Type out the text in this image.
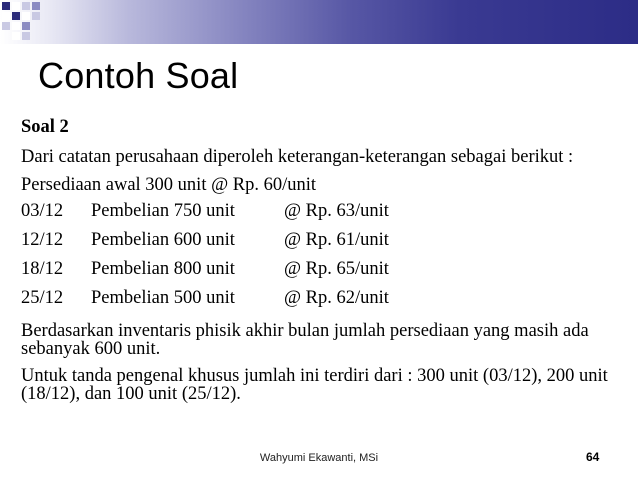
Contoh Soal
Soal 2
Dari catatan perusahaan diperoleh keterangan-keterangan sebagai berikut :
Persediaan awal 300 unit @ Rp. 60/unit
03/12	Pembelian 750 unit	@ Rp. 63/unit
12/12	Pembelian 600 unit	@ Rp. 61/unit
18/12	Pembelian 800 unit	@ Rp. 65/unit
25/12	Pembelian 500 unit	@ Rp. 62/unit
Berdasarkan inventaris phisik akhir bulan jumlah persediaan yang masih ada sebanyak 600 unit.
Untuk tanda pengenal khusus jumlah ini terdiri dari : 300 unit (03/12), 200 unit (18/12), dan 100 unit (25/12).
Wahyumi Ekawanti, MSi	64
